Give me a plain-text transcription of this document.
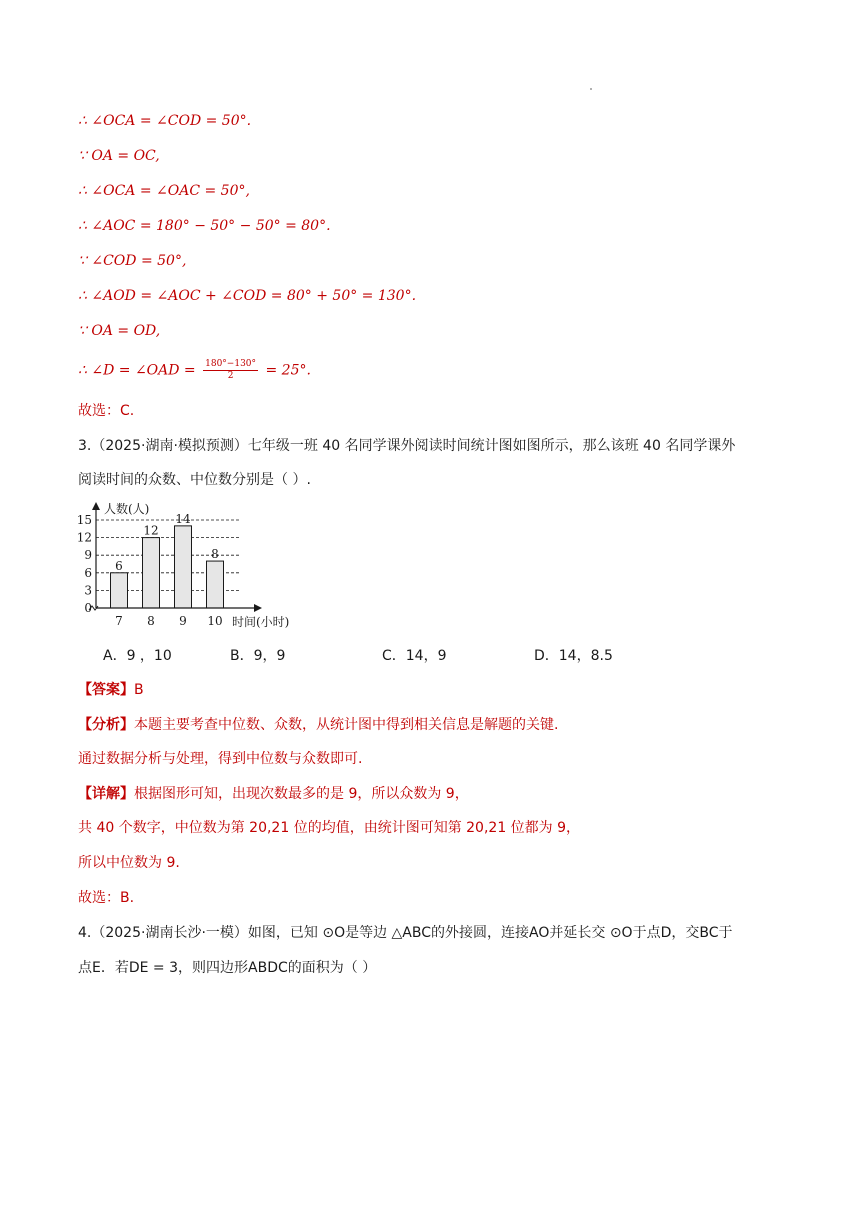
∴ ∠OCA = ∠COD = 50°.
∵ OA = OC,
∴ ∠OCA = ∠OAC = 50°,
∴ ∠AOC = 180° − 50° − 50° = 80°.
∵ ∠COD = 50°,
∴ ∠AOD = ∠AOC + ∠COD = 80° + 50° = 130°.
∵ OA = OD,
∴ ∠D = ∠OAD = $\frac{180^\circ-130^\circ}{2} = 25^\circ$.
故选：C.
3.（2025·湖南·模拟预测）七年级一班 40 名同学课外阅读时间统计图如图所示，那么该班 40 名同学课外
阅读时间的众数、中位数分别是（ ）.
0
3
6
9
12
15
6
7
12
8
14
9
8
10
人数(人)
时间(小时)
A．9 ，10	B．9，9	C．14，9	D．14，8.5
【答案】B
【分析】本题主要考查中位数、众数，从统计图中得到相关信息是解题的关键.
通过数据分析与处理，得到中位数与众数即可.
【详解】根据图形可知，出现次数最多的是 9，所以众数为 9，
共 40 个数字，中位数为第 20,21 位的均值，由统计图可知第 20,21 位都为 9，
所以中位数为 9.
故选：B.
4.（2025·湖南长沙·一模）如图，已知 ⊙O是等边 △ABC的外接圆，连接AO并延长交 ⊙O于点D，交BC于
点E．若DE = 3，则四边形ABDC的面积为（ ）
